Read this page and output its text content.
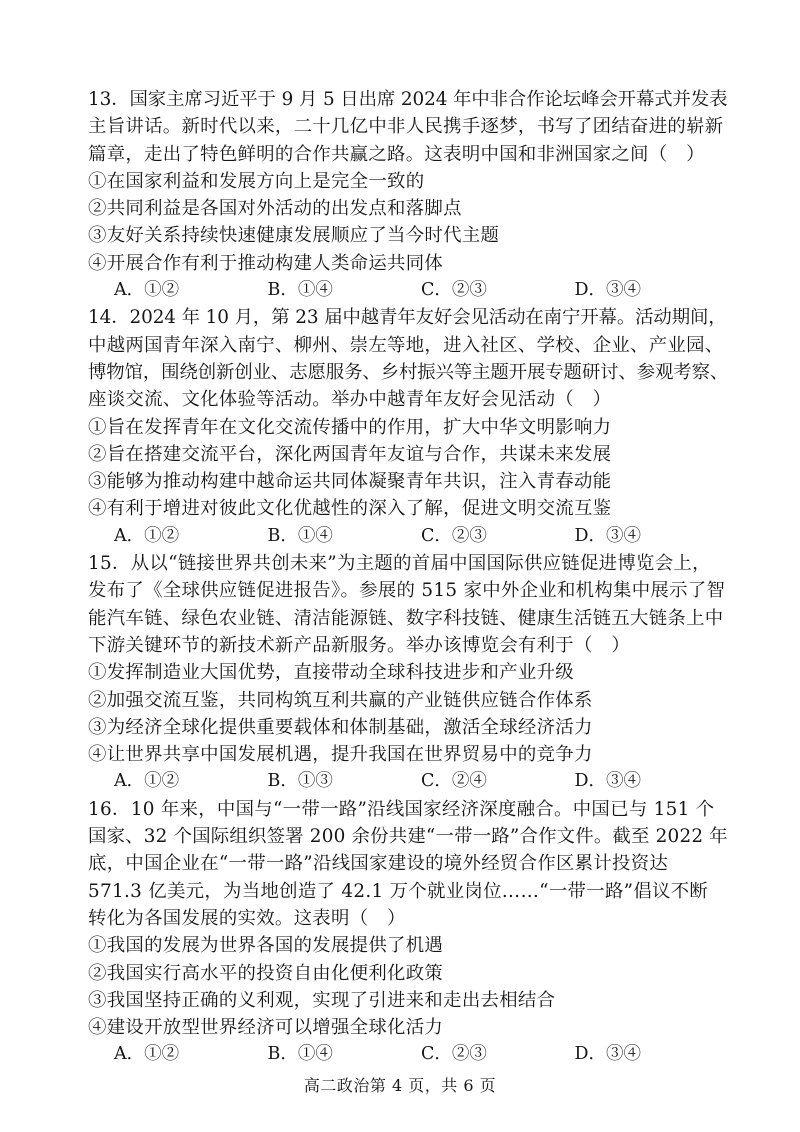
13．国家主席习近平于 9 月 5 日出席 2024 年中非合作论坛峰会开幕式并发表
主旨讲话。新时代以来，二十几亿中非人民携手逐梦，书写了团结奋进的崭新
篇章，走出了特色鲜明的合作共赢之路。这表明中国和非洲国家之间（　）
①在国家利益和发展方向上是完全一致的
②共同利益是各国对外活动的出发点和落脚点
③友好关系持续快速健康发展顺应了当今时代主题
④开展合作有利于推动构建人类命运共同体
A．①②	B．①④	C．②③	D．③④
14．2024 年 10 月，第 23 届中越青年友好会见活动在南宁开幕。活动期间，
中越两国青年深入南宁、柳州、崇左等地，进入社区、学校、企业、产业园、
博物馆，围绕创新创业、志愿服务、乡村振兴等主题开展专题研讨、参观考察、
座谈交流、文化体验等活动。举办中越青年友好会见活动（　）
①旨在发挥青年在文化交流传播中的作用，扩大中华文明影响力
②旨在搭建交流平台，深化两国青年友谊与合作，共谋未来发展
③能够为推动构建中越命运共同体凝聚青年共识，注入青春动能
④有利于增进对彼此文化优越性的深入了解，促进文明交流互鉴
A．①②	B．①④	C．②③	D．③④
15．从以“链接世界共创未来”为主题的首届中国国际供应链促进博览会上，
发布了《全球供应链促进报告》。参展的 515 家中外企业和机构集中展示了智
能汽车链、绿色农业链、清洁能源链、数字科技链、健康生活链五大链条上中
下游关键环节的新技术新产品新服务。举办该博览会有利于（　）
①发挥制造业大国优势，直接带动全球科技进步和产业升级
②加强交流互鉴，共同构筑互利共赢的产业链供应链合作体系
③为经济全球化提供重要载体和体制基础，激活全球经济活力
④让世界共享中国发展机遇，提升我国在世界贸易中的竞争力
A．①②	B．①③	C．②④	D．③④
16．10 年来，中国与“一带一路”沿线国家经济深度融合。中国已与 151 个
国家、32 个国际组织签署 200 余份共建“一带一路”合作文件。截至 2022 年
底，中国企业在“一带一路”沿线国家建设的境外经贸合作区累计投资达
571.3 亿美元，为当地创造了 42.1 万个就业岗位……“一带一路”倡议不断
转化为各国发展的实效。这表明（　）
①我国的发展为世界各国的发展提供了机遇
②我国实行高水平的投资自由化便利化政策
③我国坚持正确的义利观，实现了引进来和走出去相结合
④建设开放型世界经济可以增强全球化活力
A．①②	B．①④	C．②③	D．③④
高二政治第 4 页，共 6 页
